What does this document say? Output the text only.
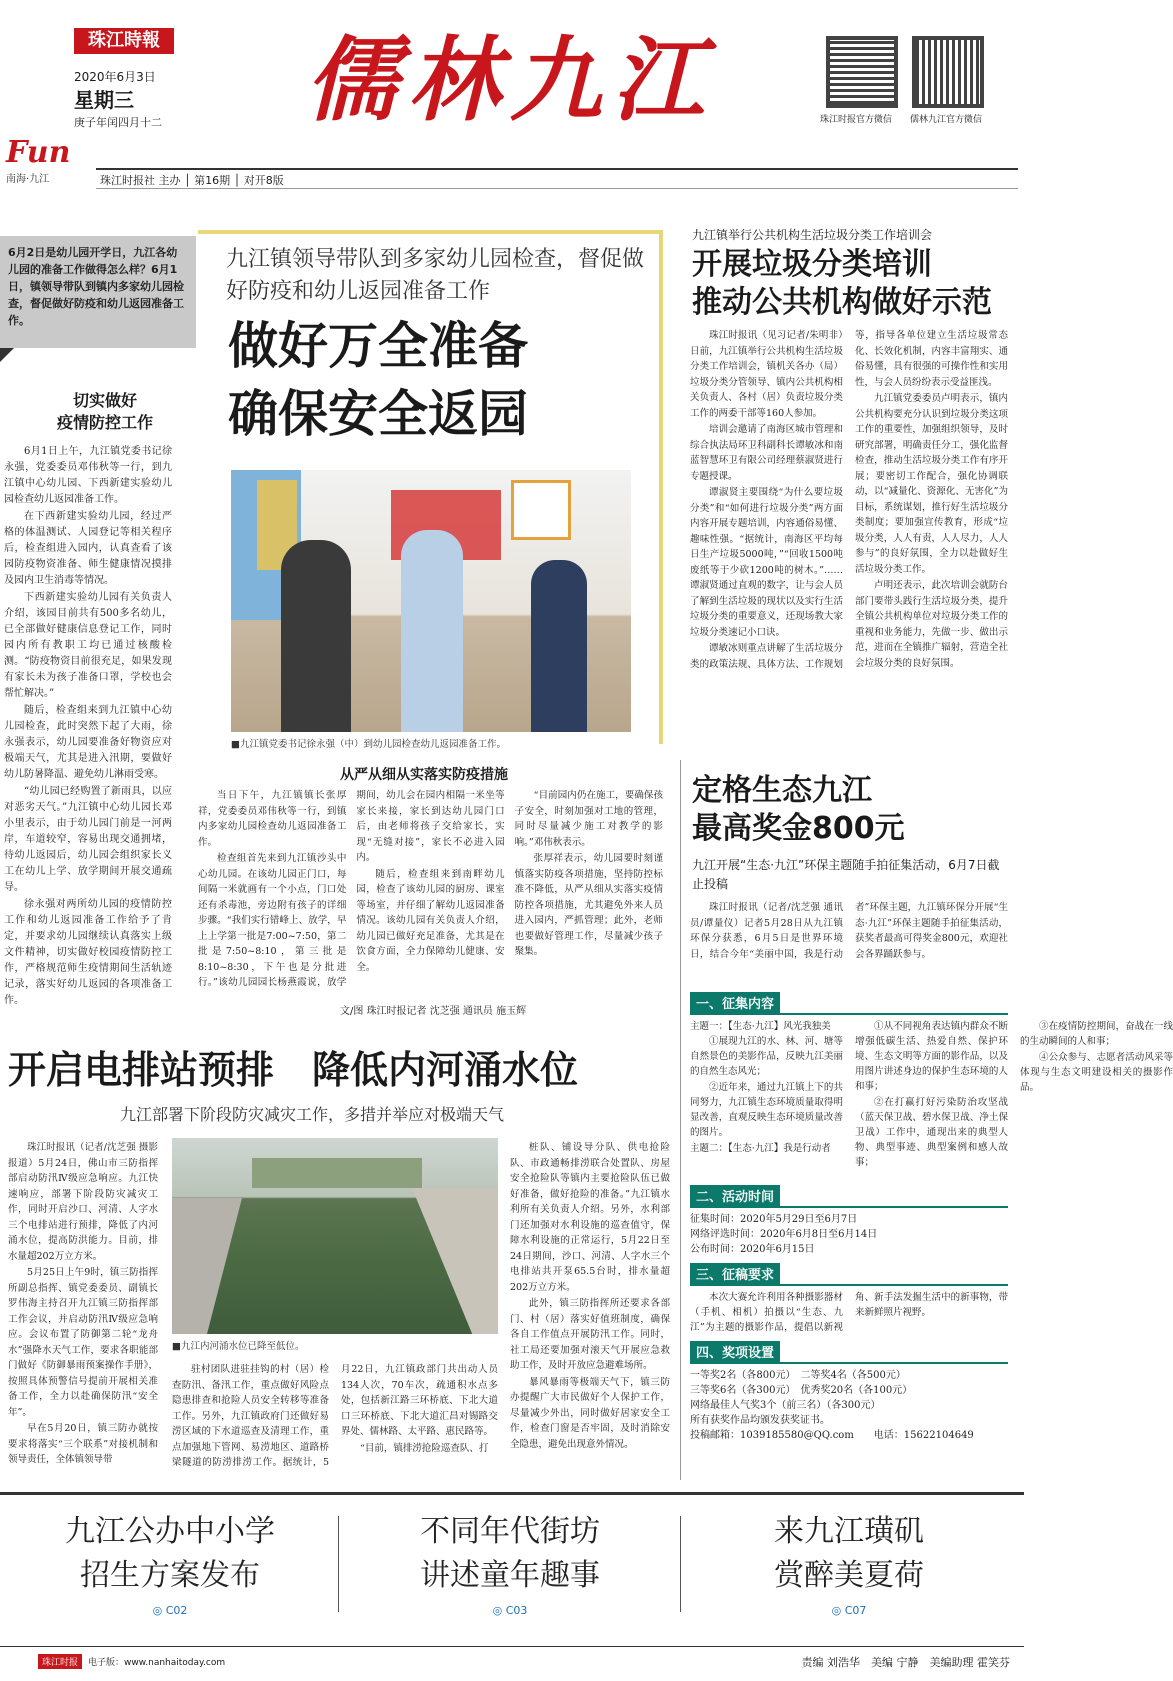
珠江時報
2020年6月3日
星期三
庚子年闰四月十二	儒林九江	珠江时报官方微信 儒林九江官方微信
Fun
南海·九江	珠江时报社 主办 │ 第16期 │ 对开8版
6月2日是幼儿园开学日，九江各幼儿园的准备工作做得怎么样？6月1日，镇领导带队到镇内多家幼儿园检查，督促做好防疫和幼儿返园准备工作。
九江镇领导带队到多家幼儿园检查，督促做好防疫和幼儿返园准备工作
做好万全准备
确保安全返园
■九江镇党委书记徐永强（中）到幼儿园检查幼儿返园准备工作。
切实做好
疫情防控工作

6月1日上午，九江镇党委书记徐永强，党委委员邓伟秋等一行，到九江镇中心幼儿园、下西新建实验幼儿园检查幼儿返园准备工作。

在下西新建实验幼儿园，经过严格的体温测试、人园登记等相关程序后，检查组进入园内，认真查看了该园防疫物资准备、师生健康情况摸排及园内卫生消毒等情况。

下西新建实验幼儿园有关负责人介绍，该园目前共有500多名幼儿，已全部做好健康信息登记工作，同时园内所有教职工均已通过核酸检测。“防疫物资目前很充足，如果发现有家长未为孩子准备口罩，学校也会帮忙解决。”

随后，检查组来到九江镇中心幼儿园检查，此时突然下起了大雨，徐永强表示，幼儿园要准备好物资应对极端天气，尤其是进入汛期，要做好幼儿防暑降温、避免幼儿淋雨受寒。

“幼儿园已经购置了新雨具，以应对恶劣天气。”九江镇中心幼儿园长邓小里表示，由于幼儿园门前是一河两岸，车道较窄，容易出现交通拥堵，待幼儿返园后，幼儿园会组织家长义工在幼儿上学、放学期间开展交通疏导。

徐永强对两所幼儿园的疫情防控工作和幼儿返园准备工作给予了肯定，并要求幼儿园继续认真落实上级文件精神，切实做好校园疫情防控工作，严格规范师生疫情期间生活轨迹记录，落实好幼儿返园的各项准备工作。

从严从细从实落实防疫措施

当日下午，九江镇镇长张厚祥，党委委员邓伟秋等一行，到镇内多家幼儿园检查幼儿返园准备工作。

检查组首先来到九江镇沙头中心幼儿园。在该幼儿园正门口，每间隔一米就画有一个小点，门口处还有杀毒池，旁边附有孩子的详细步骤。“我们实行错峰上、放学，早上上学第一批是7:00~7:50，第二批是7:50~8:10，第三批是8:10~8:30，下午也是分批进行。”该幼儿园园长杨燕霞说，放学期间，幼儿会在园内相隔一米坐等家长来接，家长到达幼儿园门口后，由老师将孩子交给家长，实现“无缝对接”，家长不必进入园内。

随后，检查组来到南畔幼儿园，检查了该幼儿园的厨房、课室等场室，并仔细了解幼儿返园准备情况。该幼儿园有关负责人介绍，幼儿园已做好充足准备，尤其是在饮食方面，全力保障幼儿健康、安全。

“目前园内仍在施工，要确保孩子安全，时刻加强对工地的管理，同时尽量减少施工对教学的影响。”邓伟秋表示。

张厚祥表示，幼儿园要时刻谨慎落实防疫各项措施，坚持防控标准不降低，从严从细从实落实疫情防控各项措施，尤其避免外来人员进入园内，严抓管理；此外，老师也要做好管理工作，尽量减少孩子聚集。

文/图 珠江时报记者 沈芝强 通讯员 施玉辉
九江镇举行公共机构生活垃圾分类工作培训会
开展垃圾分类培训
推动公共机构做好示范

珠江时报讯（见习记者/朱明非）日前，九江镇举行公共机构生活垃圾分类工作培训会，镇机关各办（局）垃圾分类分管领导、镇内公共机构相关负责人、各村（居）负责垃圾分类工作的两委干部等160人参加。

培训会邀请了南海区城市管理和综合执法局环卫科副科长谭敏冰和南蓝智慧环卫有限公司经理蔡淑贤进行专题授课。

谭淑贤主要围绕“为什么要垃圾分类”和“如何进行垃圾分类”两方面内容开展专题培训，内容通俗易懂、趣味性强。“据统计，南海区平均每日生产垃圾5000吨，”“回收1500吨废纸等于少砍1200吨的树木。”……谭淑贤通过直观的数字，让与会人员了解到生活垃圾的现状以及实行生活垃圾分类的重要意义，还现场教大家垃圾分类速记小口诀。

谭敏冰则重点讲解了生活垃圾分类的政策法规、具体方法、工作规划等，指导各单位建立生活垃圾常态化、长效化机制，内容丰富翔实、通俗易懂，具有很强的可操作性和实用性，与会人员纷纷表示受益匪浅。

九江镇党委委员卢明表示，镇内公共机构要充分认识到垃圾分类这项工作的重要性，加强组织领导，及时研究部署，明确责任分工，强化监督检查，推动生活垃圾分类工作有序开展；要密切工作配合，强化协调联动，以“减量化、资源化、无害化”为目标，系统谋划，推行好生活垃圾分类制度；要加强宣传教育，形成“垃圾分类，人人有责，人人尽力，人人参与”的良好氛围，全力以赴做好生活垃圾分类工作。

卢明还表示，此次培训会就防台部门要带头践行生活垃圾分类，提升全镇公共机构单位对垃圾分类工作的重视和业务能力，先做一步、做出示范，进而在全镇推广辐射，营造全社会垃圾分类的良好氛围。

定格生态九江
最高奖金800元
九江开展“生态·九江”环保主题随手拍征集活动，6月7日截止投稿

珠江时报讯（记者/沈芝强 通讯员/谭量仪）记者5月28日从九江镇环保分获悉，6月5日是世界环境日，结合今年“美丽中国，我是行动者”环保主题，九江镇环保分开展“生态·九江”环保主题随手拍征集活动，获奖者最高可得奖金800元，欢迎社会各界踊跃参与。

一、征集内容
主题一：【生态·九江】风光我独美

①展现九江的水、林、河、塘等自然景色的美影作品，反映九江美丽的自然生态风光；

②近年来，通过九江镇上下的共同努力，九江镇生态环境质量取得明显改善，直观反映生态环境质量改善的图片。

主题二：【生态·九江】我是行动者

①从不同视角表达镇内群众不断增强低碳生活、热爱自然、保护环境、生态文明等方面的影作品，以及用图片讲述身边的保护生态环境的人和事；

②在打赢打好污染防治攻坚战（蓝天保卫战、碧水保卫战、净土保卫战）工作中，通现出来的典型人物、典型事迹、典型案例和感人故事；

③在疫情防控期间，奋战在一线的生动瞬间的人和事；

④公众参与、志愿者活动风采等体现与生态文明建设相关的摄影作品。

二、活动时间
征集时间：2020年5月29日至6月7日
网络评选时间：2020年6月8日至6月14日
公布时间：2020年6月15日
三、征稿要求

本次大赛允许利用各种摄影器材（手机、相机）拍摄以“生态、九江”为主题的摄影作品，提倡以新视角、新手法发掘生活中的新事物，带来新鲜照片视野。

四、奖项设置
一等奖2名（各800元）　二等奖4名（各500元）
三等奖6名（各300元）　优秀奖20名（各100元）
网络最佳人气奖3个（前三名）（各300元）
所有获奖作品均颁发获奖证书。
投稿邮箱：1039185580@QQ.com　　电话：15622104649
开启电排站预排　降低内河涌水位
九江部署下阶段防灾减灾工作，多措并举应对极端天气

珠江时报讯（记者/沈芝强 摄影报道）5月24日，佛山市三防指挥部启动防汛Ⅳ级应急响应。九江快速响应，部署下阶段防灾减灾工作，同时开启沙口、河清、人字水三个电排站进行预排，降低了内河涌水位，提高防洪能力。目前，排水量超202万立方米。

5月25日上午9时，镇三防指挥所副总指挥、镇党委委员、副镇长罗伟海主持召开九江镇三防指挥部工作会议，并启动防汛Ⅳ级应急响应。会议布置了防御第二轮“龙舟水”强降水天气工作，要求各职能部门做好《防御暴雨预案操作手册》，按照具体预警信号提前开展相关准备工作，全力以赴确保防汛“安全年”。

早在5月20日，镇三防办就按要求将落实“三个联系”对接机制和领导责任，全体镇领导带

■九江内河涌水位已降至低位。

驻村团队进驻挂钩的村（居）检查防汛、备汛工作，重点做好风险点隐患排查和抢险人员安全转移等准备工作。另外，九江镇政府门还做好易涝区域的下水道巡查及清理工作，重点加强地下管网、易涝地区、道路桥梁隧道的防涝排涝工作。据统计，5月22日，九江镇政部门共出动人员134人次，70车次，疏通积水点多处，包括新江路三环桥底、下北大道口三环桥底、下北大道汇昌对锡路交界处、儒林路、太平路、惠民路等。

“目前，镇排涝抢险巡查队、打

桩队、铺设导分队、供电抢险队、市政通畅排涝联合处置队、房屋安全抢险队等镇内主要抢险队伍已做好准备，做好抢险的准备。”九江镇水利所有关负责人介绍。另外，水利部门还加强对水利设施的巡查值守，保障水利设施的正常运行，5月22日至24日期间，沙口、河清、人字水三个电排站共开泵65.5台时，排水量超202万立方米。

此外，镇三防指挥所还要求各部门、村（居）落实好值班制度，确保各自工作值点开展防汛工作。同时，社工局还要加强对滚天气开展应急救助工作，及时开放应急避难场所。

暴风暴雨等极端天气下，镇三防办提醒广大市民做好个人保护工作，尽量减少外出，同时做好居家安全工作，检查门窗是否牢固，及时消除安全隐患，避免出现意外情况。

九江公办中小学
招生方案发布
◎ C02
不同年代街坊
讲述童年趣事
◎ C03
来九江璜矶
赏醉美夏荷
◎ C07
珠江时报	电子版：www.nanhaitoday.com	责编 刘浩华　美编 宁静　美编助理 霍笑芬
